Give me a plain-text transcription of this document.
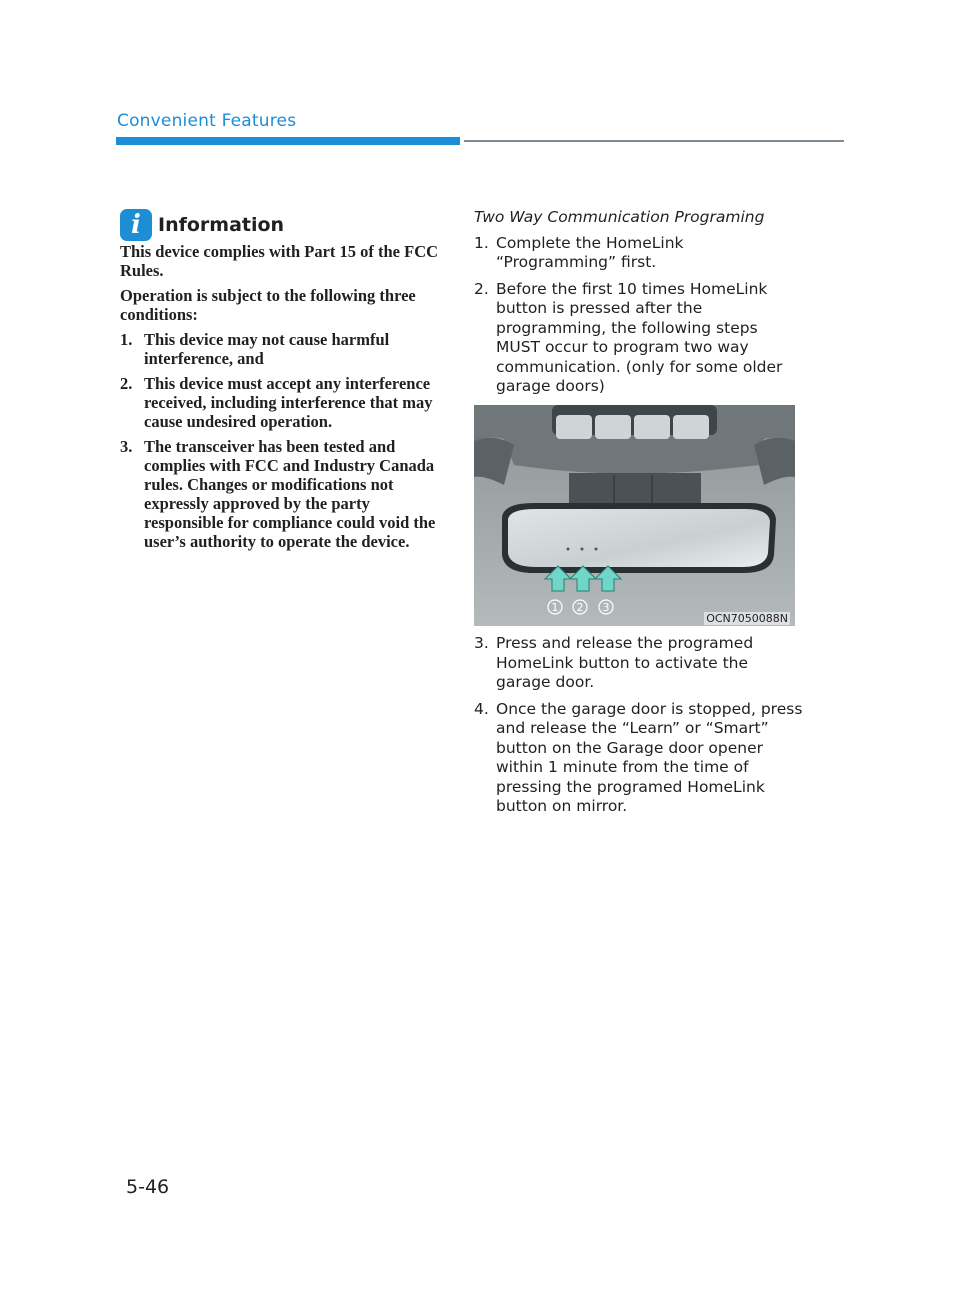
Convenient Features
i Information

This device complies with Part 15 of the FCC Rules.

Operation is subject to the following three conditions:

1. This device may not cause harmful interference, and
2. This device must accept any interference received, including interference that may cause undesired operation.
3. The transceiver has been tested and complies with FCC and Industry Canada rules. Changes or modifications not expressly approved by the party responsible for compliance could void the user’s authority to operate the device.
Two Way Communication Programing
1. Complete the HomeLink “Programming” first.
2. Before the first 10 times HomeLink button is pressed after the programming, the following steps MUST occur to program two way communication. (only for some older garage doors)
1 2 3
OCN7050088N
3. Press and release the programed HomeLink button to activate the garage door.
4. Once the garage door is stopped, press and release the “Learn” or “Smart” button on the Garage door opener within 1 minute from the time of pressing the programed HomeLink button on mirror.
5-46
